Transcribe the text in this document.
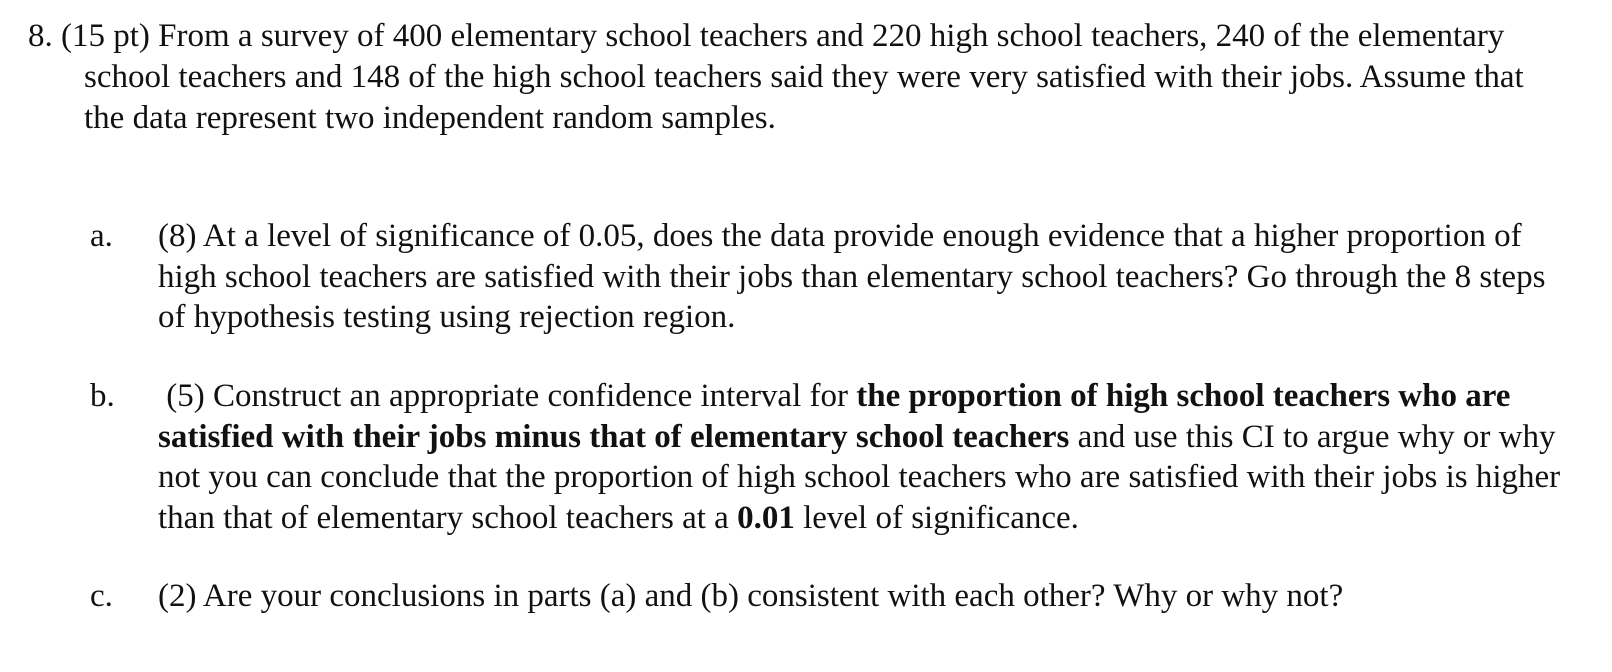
8. (15 pt) From a survey of 400 elementary school teachers and 220 high school teachers, 240 of the elementary school teachers and 148 of the high school teachers said they were very satisfied with their jobs. Assume that the data represent two independent random samples.
a.	(8) At a level of significance of 0.05, does the data provide enough evidence that a higher proportion of high school teachers are satisfied with their jobs than elementary school teachers? Go through the 8 steps of hypothesis testing using rejection region.
b.	(5) Construct an appropriate confidence interval for the proportion of high school teachers who are satisfied with their jobs minus that of elementary school teachers and use this CI to argue why or why not you can conclude that the proportion of high school teachers who are satisfied with their jobs is higher than that of elementary school teachers at a 0.01 level of significance.
c.	(2) Are your conclusions in parts (a) and (b) consistent with each other? Why or why not?
